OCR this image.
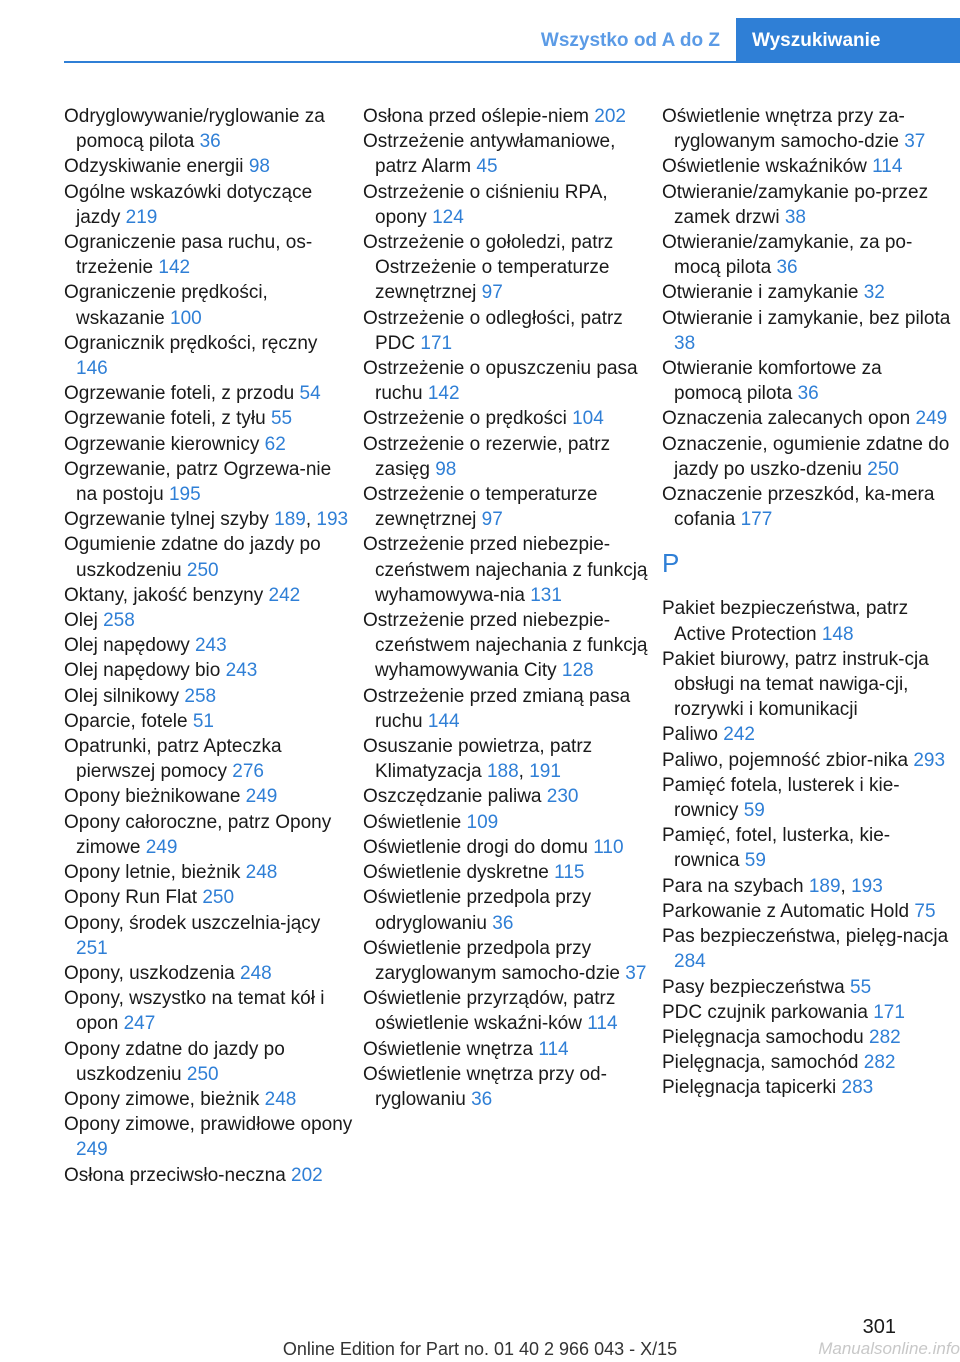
Wszystko od A do Z	Wyszukiwanie
Odryglowywanie/ryglowanie za pomocą pilota 36
Odzyskiwanie energii 98
Ogólne wskazówki dotyczące jazdy 219
Ograniczenie pasa ruchu, os‐trzeżenie 142
Ograniczenie prędkości, wskazanie 100
Ogranicznik prędkości, ręczny 146
Ogrzewanie foteli, z przodu 54
Ogrzewanie foteli, z tyłu 55
Ogrzewanie kierownicy 62
Ogrzewanie, patrz Ogrzewa‐nie na postoju 195
Ogrzewanie tylnej szyby 189, 193
Ogumienie zdatne do jazdy po uszkodzeniu 250
Oktany, jakość benzyny 242
Olej 258
Olej napędowy 243
Olej napędowy bio 243
Olej silnikowy 258
Oparcie, fotele 51
Opatrunki, patrz Apteczka pierwszej pomocy 276
Opony bieżnikowane 249
Opony całoroczne, patrz Opony zimowe 249
Opony letnie, bieżnik 248
Opony Run Flat 250
Opony, środek uszczelnia‐jący 251
Opony, uszkodzenia 248
Opony, wszystko na temat kół i opon 247
Opony zdatne do jazdy po uszkodzeniu 250
Opony zimowe, bieżnik 248
Opony zimowe, prawidłowe opony 249
Osłona przeciwsło‐neczna 202
Osłona przed oślepie‐niem 202
Ostrzeżenie antywłamaniowe, patrz Alarm 45
Ostrzeżenie o ciśnieniu RPA, opony 124
Ostrzeżenie o gołoledzi, patrz Ostrzeżenie o temperaturze zewnętrznej 97
Ostrzeżenie o odległości, patrz PDC 171
Ostrzeżenie o opuszczeniu pasa ruchu 142
Ostrzeżenie o prędkości 104
Ostrzeżenie o rezerwie, patrz zasięg 98
Ostrzeżenie o temperaturze zewnętrznej 97
Ostrzeżenie przed niebezpie‐czeństwem najechania z funkcją wyhamowywa‐nia 131
Ostrzeżenie przed niebezpie‐czeństwem najechania z funkcją wyhamowywania City 128
Ostrzeżenie przed zmianą pasa ruchu 144
Osuszanie powietrza, patrz Klimatyzacja 188, 191
Oszczędzanie paliwa 230
Oświetlenie 109
Oświetlenie drogi do domu 110
Oświetlenie dyskretne 115
Oświetlenie przedpola przy odryglowaniu 36
Oświetlenie przedpola przy zaryglowanym samocho‐dzie 37
Oświetlenie przyrządów, patrz oświetlenie wskaźni‐ków 114
Oświetlenie wnętrza 114
Oświetlenie wnętrza przy od‐ryglowaniu 36
Oświetlenie wnętrza przy za‐ryglowanym samocho‐dzie 37
Oświetlenie wskaźników 114
Otwieranie/zamykanie po‐przez zamek drzwi 38
Otwieranie/zamykanie, za po‐mocą pilota 36
Otwieranie i zamykanie 32
Otwieranie i zamykanie, bez pilota 38
Otwieranie komfortowe za pomocą pilota 36
Oznaczenia zalecanych opon 249
Oznaczenie, ogumienie zdatne do jazdy po uszko‐dzeniu 250
Oznaczenie przeszkód, ka‐mera cofania 177
P
Pakiet bezpieczeństwa, patrz Active Protection 148
Pakiet biurowy, patrz instruk‐cja obsługi na temat nawiga‐cji, rozrywki i komunikacji
Paliwo 242
Paliwo, pojemność zbior‐nika 293
Pamięć fotela, lusterek i kie‐rownicy 59
Pamięć, fotel, lusterka, kie‐rownica 59
Para na szybach 189, 193
Parkowanie z Automatic Hold 75
Pas bezpieczeństwa, pielęg‐nacja 284
Pasy bezpieczeństwa 55
PDC czujnik parkowania 171
Pielęgnacja samochodu 282
Pielęgnacja, samochód 282
Pielęgnacja tapicerki 283
301
Online Edition for Part no. 01 40 2 966 043 - X/15	Manualsonline.info
